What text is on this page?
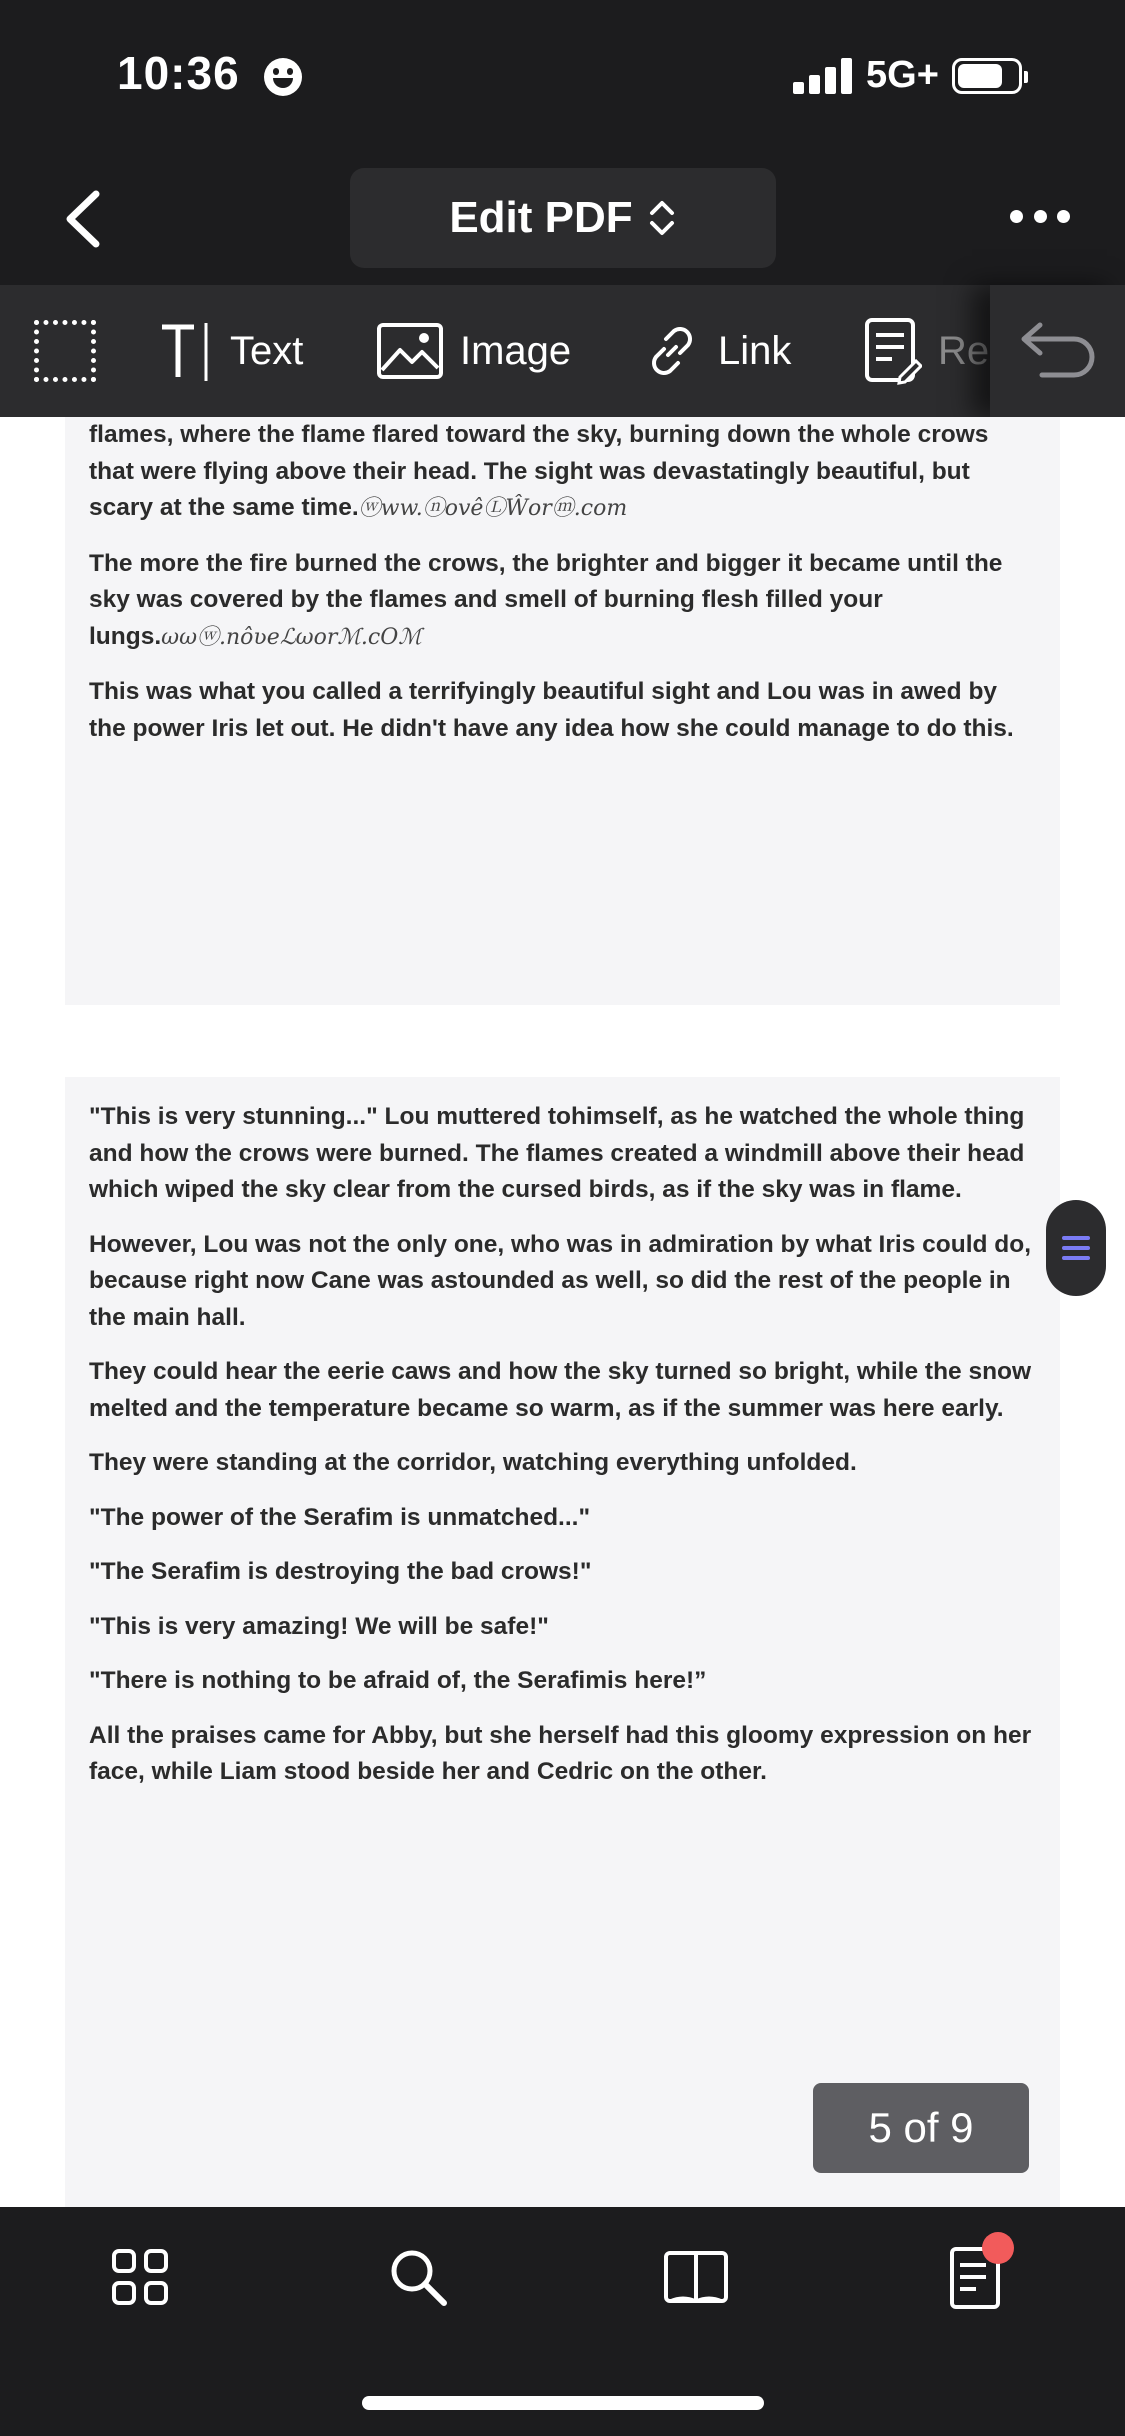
10:36	5G+
Edit PDF
Text	Image	Link	Re

flames, where the flame flared toward the sky, burning down the whole crows that were flying above their head. The sight was devastatingly beautiful, but scary at the same time.ⓦww.ⓝovêⓁŴorⓜ.com

The more the fire burned the crows, the brighter and bigger it became until the sky was covered by the flames and smell of burning flesh filled your lungs.ωωⓦ.nôʋeℒωorℳ.cOℳ

This was what you called a terrifyingly beautiful sight and Lou was in awed by the power Iris let out. He didn't have any idea how she could manage to do this.

"This is very stunning..." Lou muttered tohimself, as he watched the whole thing and how the crows were burned. The flames created a windmill above their head which wiped the sky clear from the cursed birds, as if the sky was in flame.

However, Lou was not the only one, who was in admiration by what Iris could do, because right now Cane was astounded as well, so did the rest of the people in the main hall.

They could hear the eerie caws and how the sky turned so bright, while the snow melted and the temperature became so warm, as if the summer was here early.

They were standing at the corridor, watching everything unfolded.

"The power of the Serafim is unmatched..."

"The Serafim is destroying the bad crows!"

"This is very amazing! We will be safe!"

"There is nothing to be afraid of, the Serafimis here!”

All the praises came for Abby, but she herself had this gloomy expression on her face, while Liam stood beside her and Cedric on the other.

5 of 9
